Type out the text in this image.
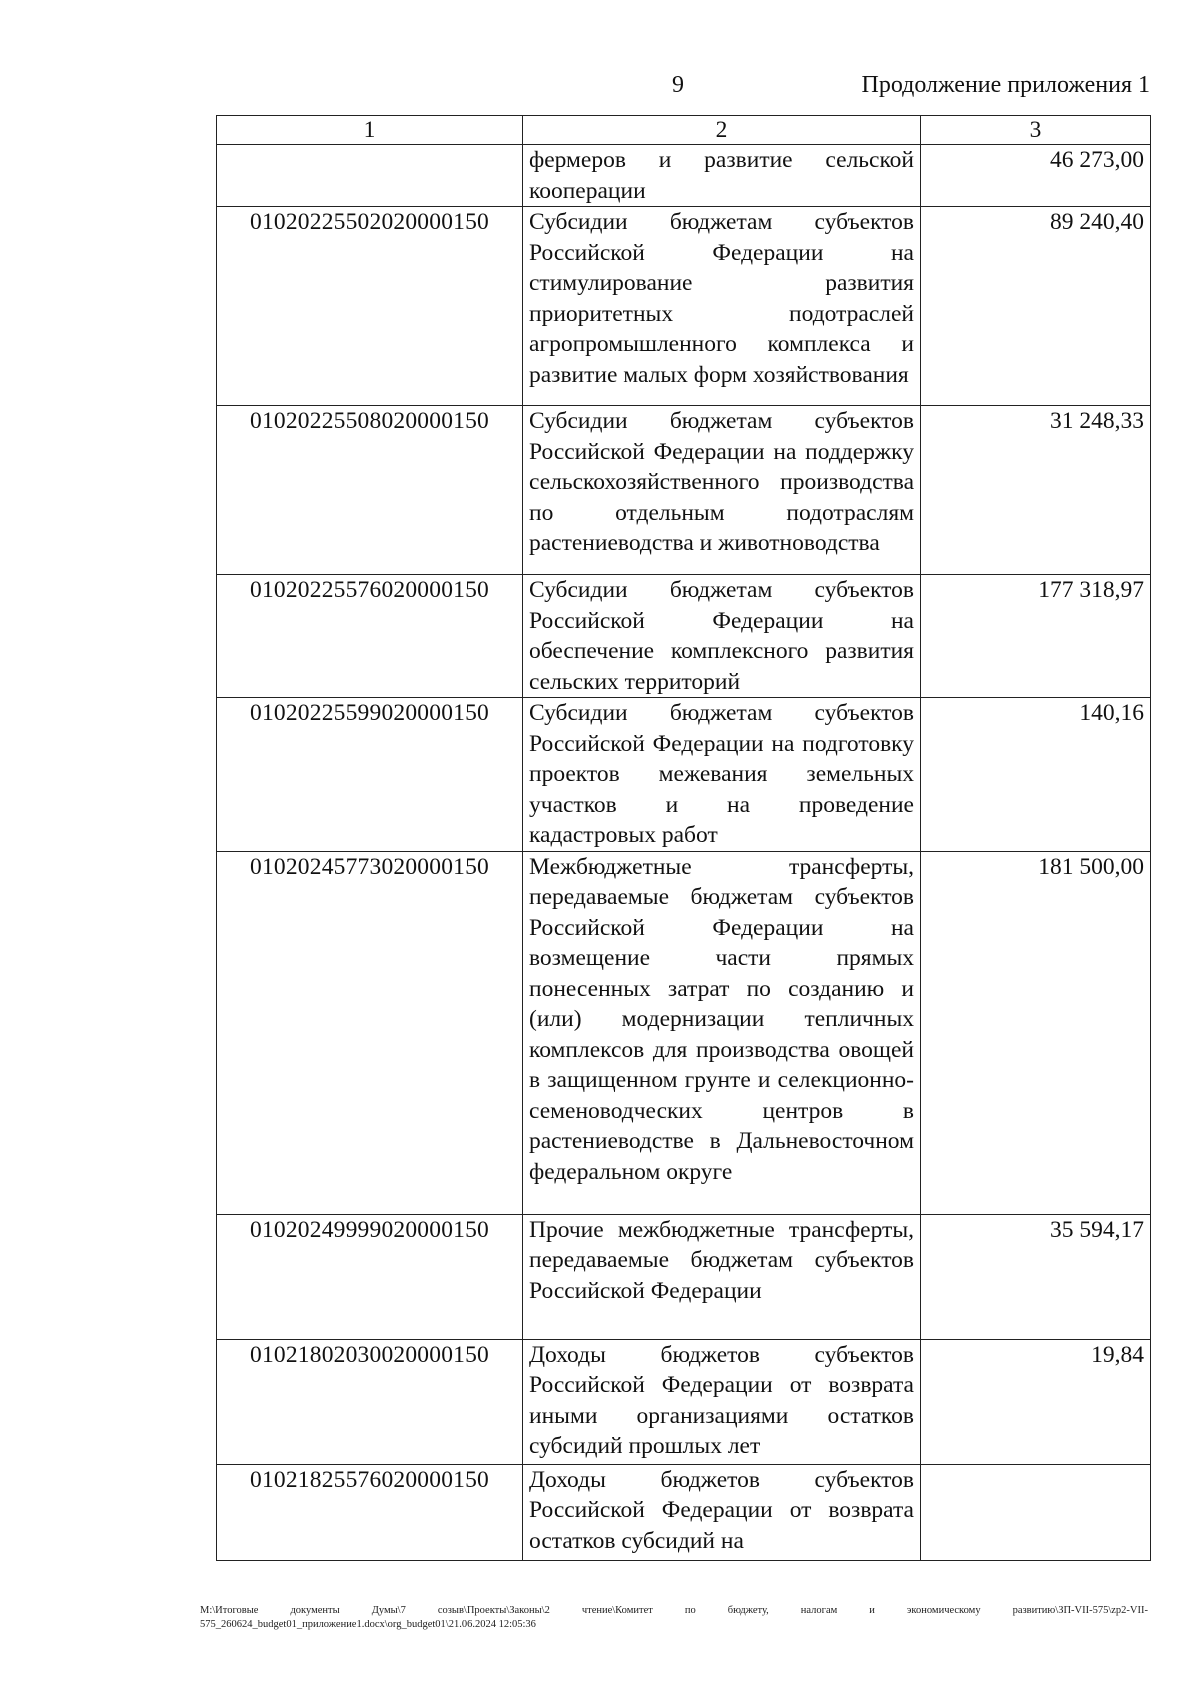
9	Продолжение приложения 1
1	2	3
	фермеров и развитие сельской кооперации	46 273,00
01020225502020000150	Субсидии бюджетам субъектов Российской Федерации на стимулирование развития приоритетных подотраслей агропромышленного комплекса и развитие малых форм хозяйствования	89 240,40
01020225508020000150	Субсидии бюджетам субъектов Российской Федерации на поддержку сельскохозяйственного производства по отдельным подотраслям растениеводства и животноводства	31 248,33
01020225576020000150	Субсидии бюджетам субъектов Российской Федерации на обеспечение комплексного развития сельских территорий	177 318,97
01020225599020000150	Субсидии бюджетам субъектов Российской Федерации на подготовку проектов межевания земельных участков и на проведение кадастровых работ	140,16
01020245773020000150	Межбюджетные трансферты, передаваемые бюджетам субъектов Российской Федерации на возмещение части прямых понесенных затрат по созданию и (или) модернизации тепличных комплексов для производства овощей в защищенном грунте и селекционно-семеноводческих центров в растениеводстве в Дальневосточном федеральном округе	181 500,00
01020249999020000150	Прочие межбюджетные трансферты, передаваемые бюджетам субъектов Российской Федерации	35 594,17
01021802030020000150	Доходы бюджетов субъектов Российской Федерации от возврата иными организациями остатков субсидий прошлых лет	19,84
01021825576020000150	Доходы бюджетов субъектов Российской Федерации от возврата остатков субсидий на	
M:\Итоговые документы Думы\7 созыв\Проекты\Законы\2 чтение\Комитет по бюджету, налогам и экономическому развитию\ЗП-VII-575\zp2-VII-575_260624_budget01_приложение1.docx\org_budget01\21.06.2024 12:05:36
